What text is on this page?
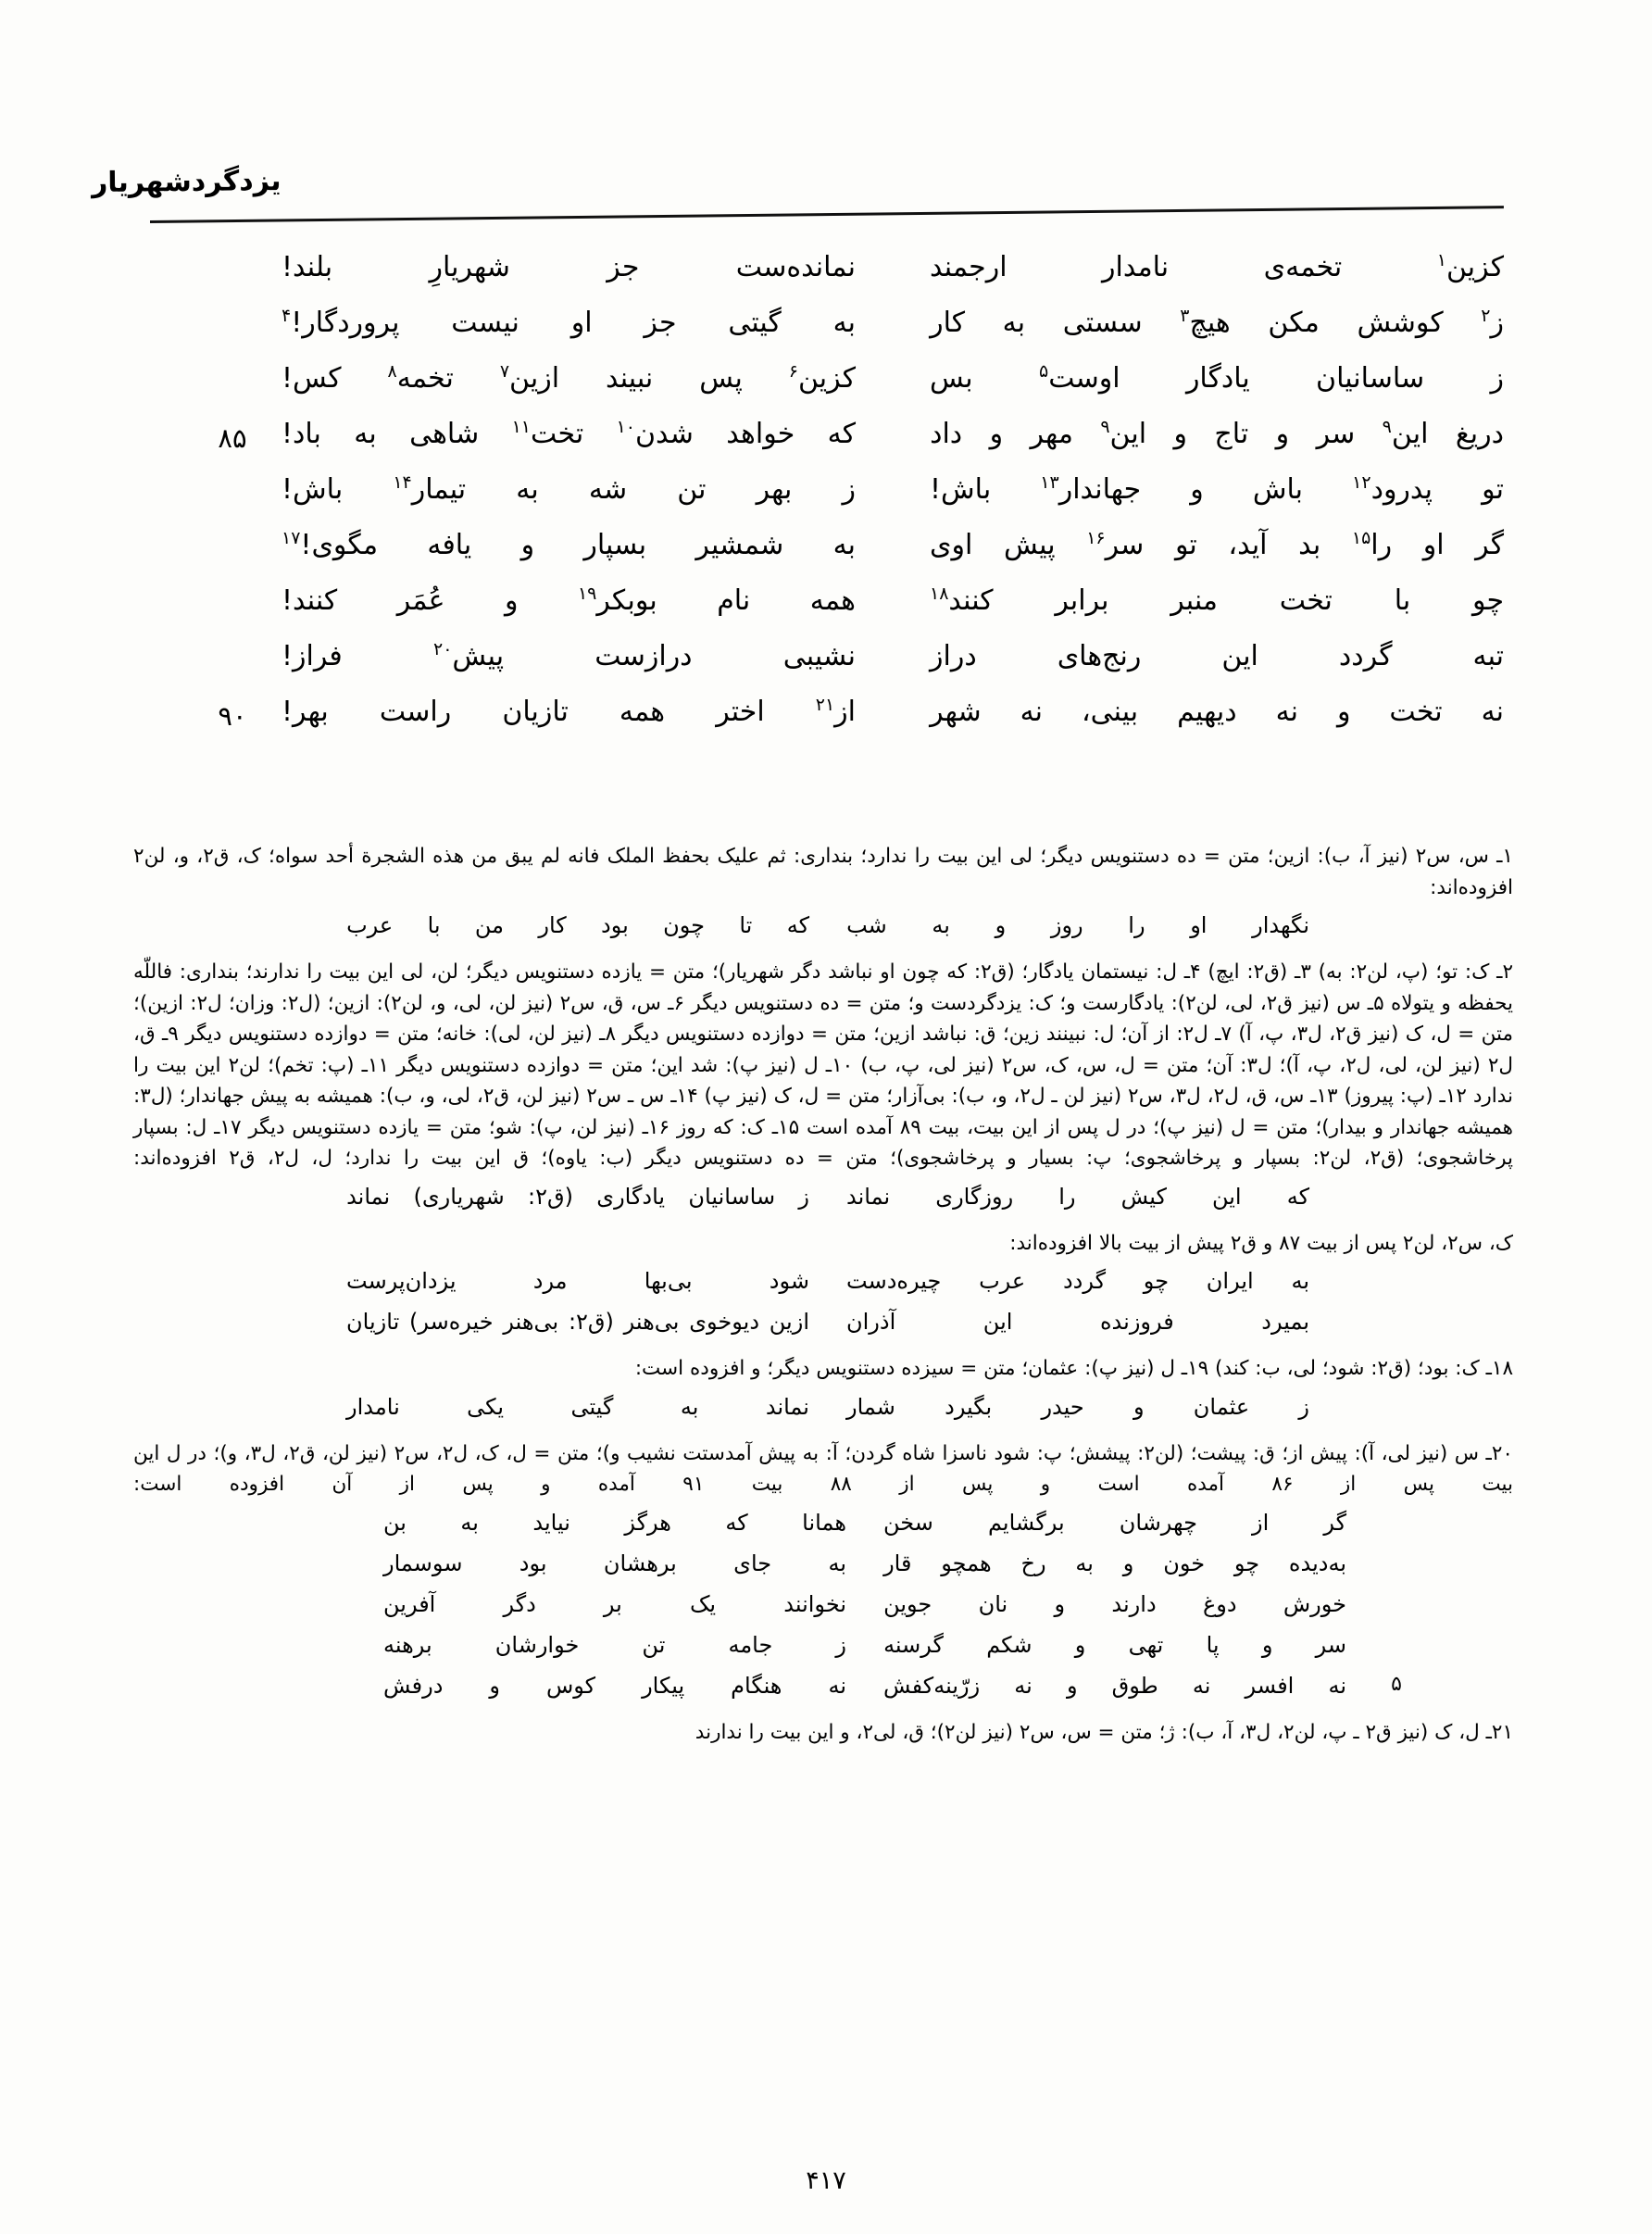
یزدگردشهریار
کزین$^۱$
تخمه‌ی
نامدار
ارجمند
نمانده‌ست
جز
شهریارِ
بلند!
ز$^۲$
کوشش
مکن
هیچ$^۳$
سستی
به
کار
به
گیتی
جز
او
نیست
پروردگار!$^۴$
ز
ساسانیان
یادگار
اوست$^۵$
بس
کزین$^۶$
پس
نبیند
ازین$^۷$
تخمه$^۸$
کس!
دریغ
این$^۹$
سر
و
تاج
و
این$^۹$
مهر
و
داد
که
خواهد
شدن$^{۱۰}$
تخت$^{۱۱}$
شاهی
به
باد!
۸۵
تو
پدرود$^{۱۲}$
باش
و
جهاندار$^{۱۳}$
باش!
ز
بهر
تن
شه
به
تیمار$^{۱۴}$
باش!
گر
او
را$^{۱۵}$
بد
آید،
تو
سر$^{۱۶}$
پیش
اوی
به
شمشیر
بسپار
و
یافه
مگوی!$^{۱۷}$
چو
با
تخت
منبر
برابر
کنند$^{۱۸}$
همه
نام
بوبکر$^{۱۹}$
و
عُمَر
کنند!
تبه
گردد
این
رنج‌های
دراز
نشیبی
درازست
پیش$^{۲۰}$
فراز!
نه
تخت
و
نه
دیهیم
بینی،
نه
شهر
از$^{۲۱}$
اختر
همه
تازیان
راست
بهر!
۹۰

۱ـ س، س۲ (نیز آ، ب): ازین؛ متن = ده دستنویس دیگر؛ لی این بیت را ندارد؛ بنداری: ثم علیک بحفظ الملک فانه لم یبق من هذه الشجرة أحد سواه؛ ک، ق۲، و، لن۲ افزوده‌اند:

نگهدار
او
را
روز
و
به
شب
که
تا
چون
بود
کار
من
با
عرب

۲ـ ک: تو؛ (پ، لن۲: به) ۳ـ (ق۲: ایچ) ۴ـ ل: نیستمان یادگار؛ (ق۲: که چون او نباشد دگر شهریار)؛ متن = یازده دستنویس دیگر؛ لن، لی این بیت را ندارند؛ بنداری: فاللّه یحفظه و یتولاه ۵ـ س (نیز ق۲، لی، لن۲): یادگارست و؛ ک: یزدگردست و؛ متن = ده دستنویس دیگر ۶ـ س، ق، س۲ (نیز لن، لی، و، لن۲): ازین؛ (ل۲: وزان؛ ل۲: ازین)؛ متن = ل، ک (نیز ق۲، ل۳، پ، آ) ۷ـ ل۲: از آن؛ ل: نبینند زین؛ ق: نباشد ازین؛ متن = دوازده دستنویس دیگر ۸ـ (نیز لن، لی): خانه؛ متن = دوازده دستنویس دیگر ۹ـ ق، ل۲ (نیز لن، لی، ل۲، پ، آ)؛ ل۳: آن؛ متن = ل، س، ک، س۲ (نیز لی، پ، ب) ۱۰ـ ل (نیز پ): شد این؛ متن = دوازده دستنویس دیگر ۱۱ـ (پ: تخم)؛ لن۲ این بیت را ندارد ۱۲ـ (پ: پیروز) ۱۳ـ س، ق، ل۲، ل۳، س۲ (نیز لن ـ ل۲، و، ب): بی‌آزار؛ متن = ل، ک (نیز پ) ۱۴ـ س ـ س۲ (نیز لن، ق۲، لی، و، ب): همیشه به پیش جهاندار؛ (ل۳: همیشه جهاندار و بیدار)؛ متن = ل (نیز پ)؛ در ل پس از این بیت، بیت ۸۹ آمده است ۱۵ـ ک: که روز ۱۶ـ (نیز لن، پ): شو؛ متن = یازده دستنویس دیگر ۱۷ـ ل: بسپار پرخاشجوی؛ (ق۲، لن۲: بسپار و پرخاشجوی؛ پ: بسیار و پرخاشجوی)؛ متن = ده دستنویس دیگر (ب: یاوه)؛ ق این بیت را ندارد؛ ل، ل۲، ق۲ افزوده‌اند:

که
این
کیش
را
روزگاری
نماند
ز
ساسانیان
یادگاری
(ق۲:
شهریاری)
نماند

ک، س۲، لن۲ پس از بیت ۸۷ و ق۲ پیش از بیت بالا افزوده‌اند:

به
ایران
چو
گردد
عرب
چیره‌دست
شود
بی‌بها
مرد
یزدان‌پرست
بمیرد
فروزنده
این
آذران
ازین
دیوخوی
بی‌هنر
(ق۲:
بی‌هنر
خیره‌سر)
تازیان

۱۸ـ ک: بود؛ (ق۲: شود؛ لی، ب: کند) ۱۹ـ ل (نیز پ): عثمان؛ متن = سیزده دستنویس دیگر؛ و افزوده است:

ز
عثمان
و
حیدر
بگیرد
شمار
نماند
به
گیتی
یکی
نامدار

۲۰ـ س (نیز لی، آ): پیش از؛ ق: پیشت؛ (لن۲: پیشش؛ پ: شود ناسزا شاه گردن؛ آ: به پیش آمدستت نشیب و)؛ متن = ل، ک، ل۲، س۲ (نیز لن، ق۲، ل۳، و)؛ در ل این بیت پس از ۸۶ آمده است و پس از ۸۸ بیت ۹۱ آمده و پس از آن افزوده است:

گر
از
چهرشان
برگشایم
سخن
همانا
که
هرگز
نیاید
به
بن
به‌دیده
چو
خون
و
به
رخ
همچو
قار
به
جای
برهشان
بود
سوسمار
خورش
دوغ
دارند
و
نان
جوین
نخوانند
یک
بر
دگر
آفرین
سر
و
پا
تهی
و
شکم
گرسنه
ز
جامه
تن
خوارشان
برهنه
۵
نه
افسر
نه
طوق
و
نه
زرّینه‌کفش
نه
هنگام
پیکار
کوس
و
درفش

۲۱ـ ل، ک (نیز ق۲ ـ پ، لن۲، ل۳، آ، ب): ژ؛ متن = س، س۲ (نیز لن۲)؛ ق، لی۲، و این بیت را ندارند

۴۱۷
